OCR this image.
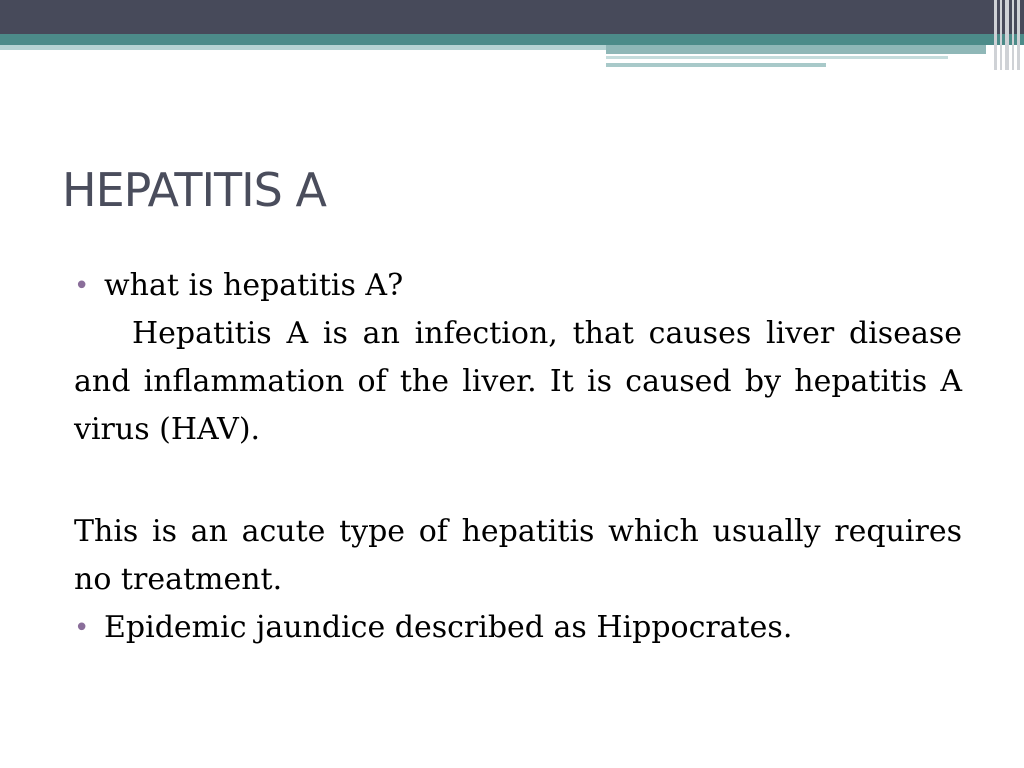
HEPATITIS A

• what is hepatitis A?

Hepatitis A is an infection, that causes liver disease and inflammation of the liver. It is caused by hepatitis A virus (HAV).

This is an acute type of hepatitis which usually requires no treatment.

• Epidemic jaundice described as Hippocrates.
